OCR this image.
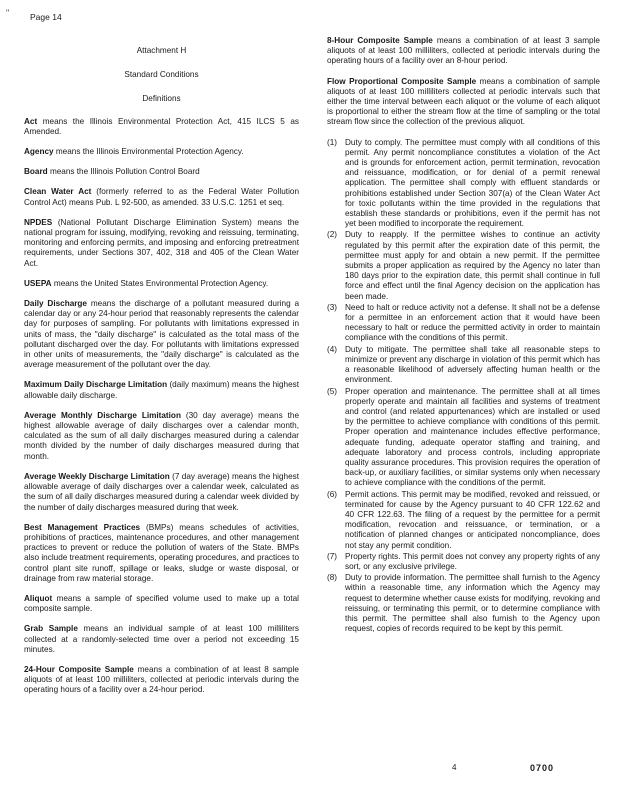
" Page 14
Attachment H
Standard Conditions
Definitions
Act means the Illinois Environmental Protection Act, 415 ILCS 5 as Amended.
Agency means the Illinois Environmental Protection Agency.
Board means the Illinois Pollution Control Board
Clean Water Act (formerly referred to as the Federal Water Pollution Control Act) means Pub. L 92-500, as amended. 33 U.S.C. 1251 et seq.
NPDES (National Pollutant Discharge Elimination System) means the national program for issuing, modifying, revoking and reissuing, terminating, monitoring and enforcing permits, and imposing and enforcing pretreatment requirements, under Sections 307, 402, 318 and 405 of the Clean Water Act.
USEPA means the United States Environmental Protection Agency.
Daily Discharge means the discharge of a pollutant measured during a calendar day or any 24-hour period that reasonably represents the calendar day for purposes of sampling. For pollutants with limitations expressed in units of mass, the "daily discharge" is calculated as the total mass of the pollutant discharged over the day. For pollutants with limitations expressed in other units of measurements, the "daily discharge" is calculated as the average measurement of the pollutant over the day.
Maximum Daily Discharge Limitation (daily maximum) means the highest allowable daily discharge.
Average Monthly Discharge Limitation (30 day average) means the highest allowable average of daily discharges over a calendar month, calculated as the sum of all daily discharges measured during a calendar month divided by the number of daily discharges measured during that month.
Average Weekly Discharge Limitation (7 day average) means the highest allowable average of daily discharges over a calendar week, calculated as the sum of all daily discharges measured during a calendar week divided by the number of daily discharges measured during that week.
Best Management Practices (BMPs) means schedules of activities, prohibitions of practices, maintenance procedures, and other management practices to prevent or reduce the pollution of waters of the State. BMPs also include treatment requirements, operating procedures, and practices to control plant site runoff, spillage or leaks, sludge or waste disposal, or drainage from raw material storage.
Aliquot means a sample of specified volume used to make up a total composite sample.
Grab Sample means an individual sample of at least 100 milliliters collected at a randomly-selected time over a period not exceeding 15 minutes.
24-Hour Composite Sample means a combination of at least 8 sample aliquots of at least 100 milliliters, collected at periodic intervals during the operating hours of a facility over a 24-hour period.
8-Hour Composite Sample means a combination of at least 3 sample aliquots of at least 100 milliliters, collected at periodic intervals during the operating hours of a facility over an 8-hour period.
Flow Proportional Composite Sample means a combination of sample aliquots of at least 100 milliliters collected at periodic intervals such that either the time interval between each aliquot or the volume of each aliquot is proportional to either the stream flow at the time of sampling or the total stream flow since the collection of the previous aliquot.
(1) Duty to comply. The permittee must comply with all conditions of this permit. Any permit noncompliance constitutes a violation of the Act and is grounds for enforcement action, permit termination, revocation and reissuance, modification, or for denial of a permit renewal application. The permittee shall comply with effluent standards or prohibitions established under Section 307(a) of the Clean Water Act for toxic pollutants within the time provided in the regulations that establish these standards or prohibitions, even if the permit has not yet been modified to incorporate the requirement.
(2) Duty to reapply. If the permittee wishes to continue an activity regulated by this permit after the expiration date of this permit, the permittee must apply for and obtain a new permit. If the permittee submits a proper application as required by the Agency no later than 180 days prior to the expiration date, this permit shall continue in full force and effect until the final Agency decision on the application has been made.
(3) Need to halt or reduce activity not a defense. It shall not be a defense for a permittee in an enforcement action that it would have been necessary to halt or reduce the permitted activity in order to maintain compliance with the conditions of this permit.
(4) Duty to mitigate. The permittee shall take all reasonable steps to minimize or prevent any discharge in violation of this permit which has a reasonable likelihood of adversely affecting human health or the environment.
(5) Proper operation and maintenance. The permittee shall at all times properly operate and maintain all facilities and systems of treatment and control (and related appurtenances) which are installed or used by the permittee to achieve compliance with conditions of this permit. Proper operation and maintenance includes effective performance, adequate funding, adequate operator staffing and training, and adequate laboratory and process controls, including appropriate quality assurance procedures. This provision requires the operation of back-up, or auxiliary facilities, or similar systems only when necessary to achieve compliance with the conditions of the permit.
(6) Permit actions. This permit may be modified, revoked and reissued, or terminated for cause by the Agency pursuant to 40 CFR 122.62 and 40 CFR 122.63. The filing of a request by the permittee for a permit modification, revocation and reissuance, or termination, or a notification of planned changes or anticipated noncompliance, does not stay any permit condition.
(7) Property rights. This permit does not convey any property rights of any sort, or any exclusive privilege.
(8) Duty to provide information. The permittee shall furnish to the Agency within a reasonable time, any information which the Agency may request to determine whether cause exists for modifying, revoking and reissuing, or terminating this permit, or to determine compliance with this permit. The permittee shall also furnish to the Agency upon request, copies of records required to be kept by this permit.
4	0700
